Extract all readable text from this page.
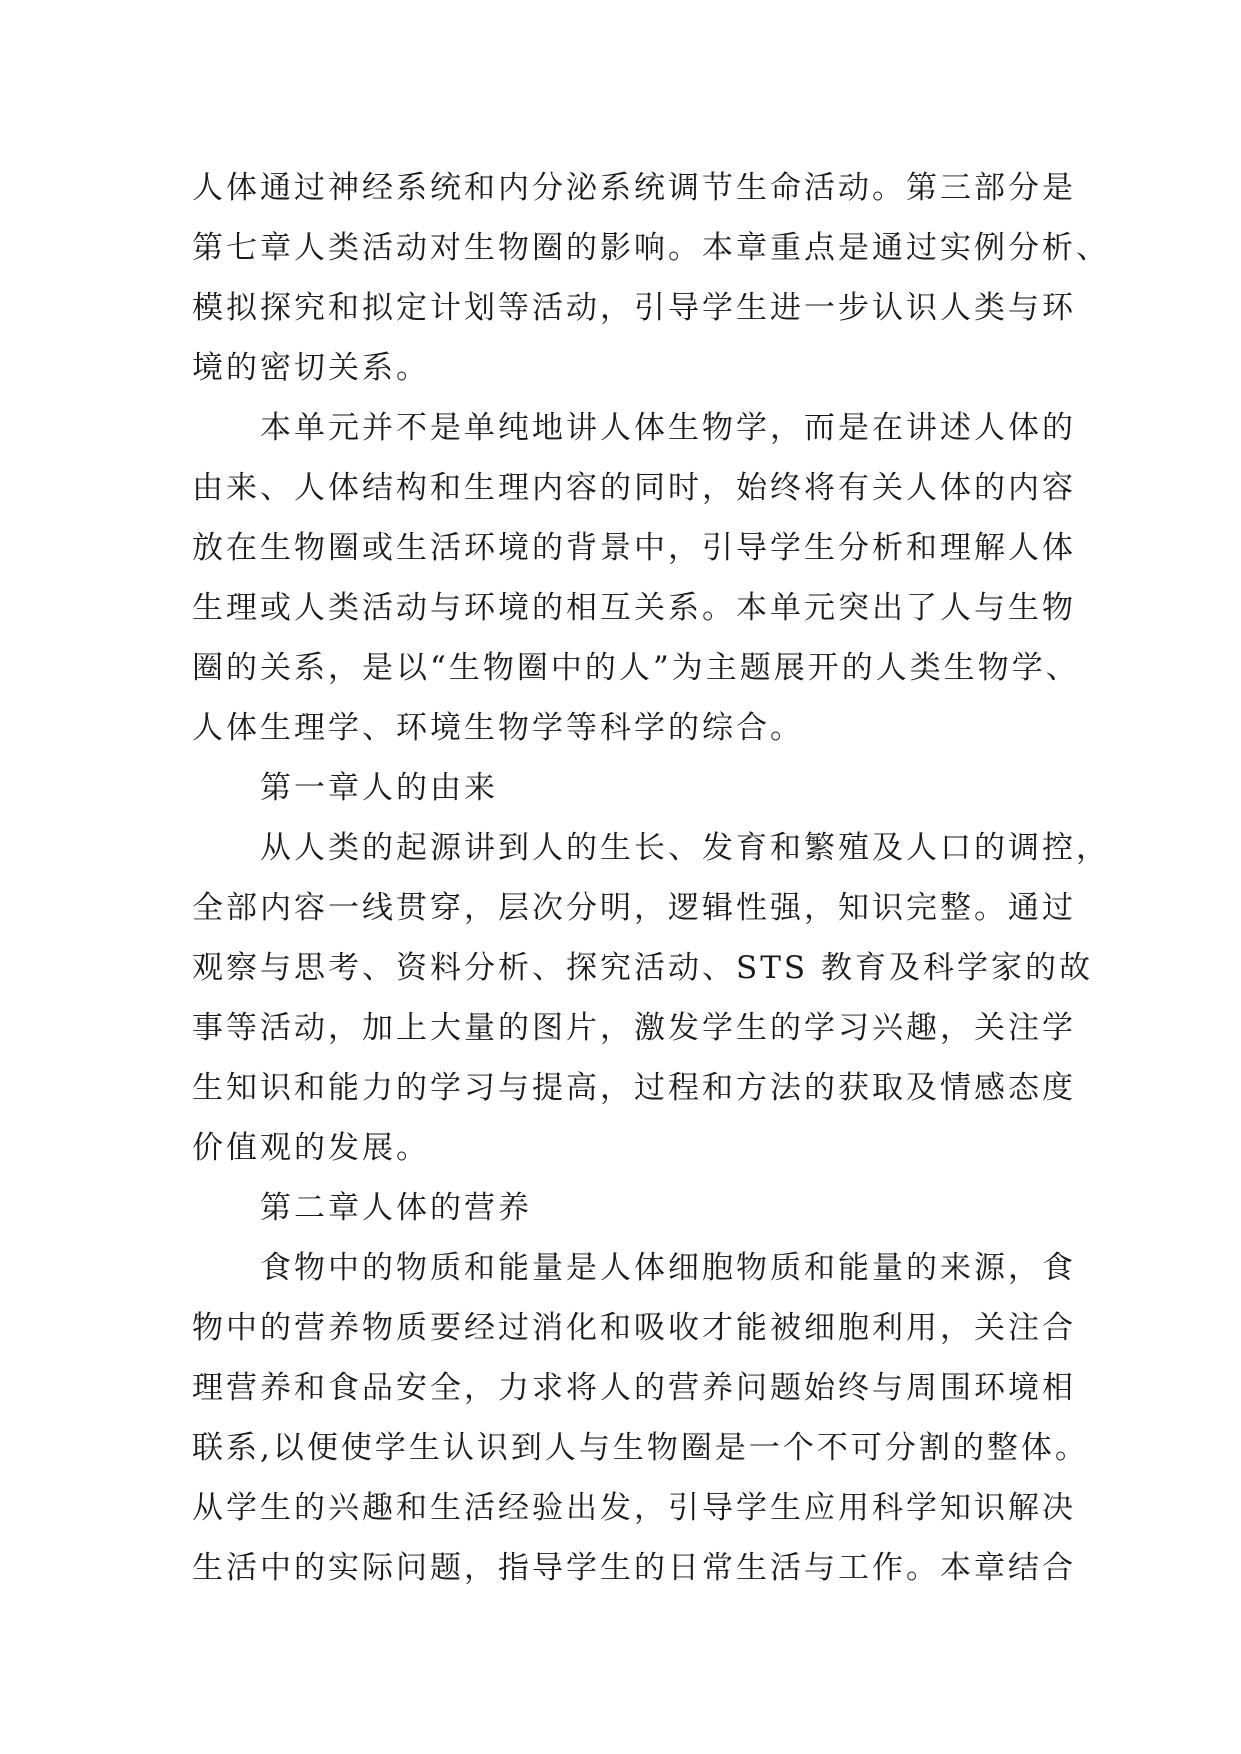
人体通过神经系统和内分泌系统调节生命活动。第三部分是
第七章人类活动对生物圈的影响。本章重点是通过实例分析、
模拟探究和拟定计划等活动，引导学生进一步认识人类与环
境的密切关系。
本单元并不是单纯地讲人体生物学，而是在讲述人体的
由来、人体结构和生理内容的同时，始终将有关人体的内容
放在生物圈或生活环境的背景中，引导学生分析和理解人体
生理或人类活动与环境的相互关系。本单元突出了人与生物
圈的关系，是以“生物圈中的人”为主题展开的人类生物学、
人体生理学、环境生物学等科学的综合。
第一章人的由来
从人类的起源讲到人的生长、发育和繁殖及人口的调控，
全部内容一线贯穿，层次分明，逻辑性强，知识完整。通过
观察与思考、资料分析、探究活动、STS 教育及科学家的故
事等活动，加上大量的图片，激发学生的学习兴趣，关注学
生知识和能力的学习与提高，过程和方法的获取及情感态度
价值观的发展。
第二章人体的营养
食物中的物质和能量是人体细胞物质和能量的来源，食
物中的营养物质要经过消化和吸收才能被细胞利用，关注合
理营养和食品安全，力求将人的营养问题始终与周围环境相
联系,以便使学生认识到人与生物圈是一个不可分割的整体。
从学生的兴趣和生活经验出发，引导学生应用科学知识解决
生活中的实际问题，指导学生的日常生活与工作。本章结合
